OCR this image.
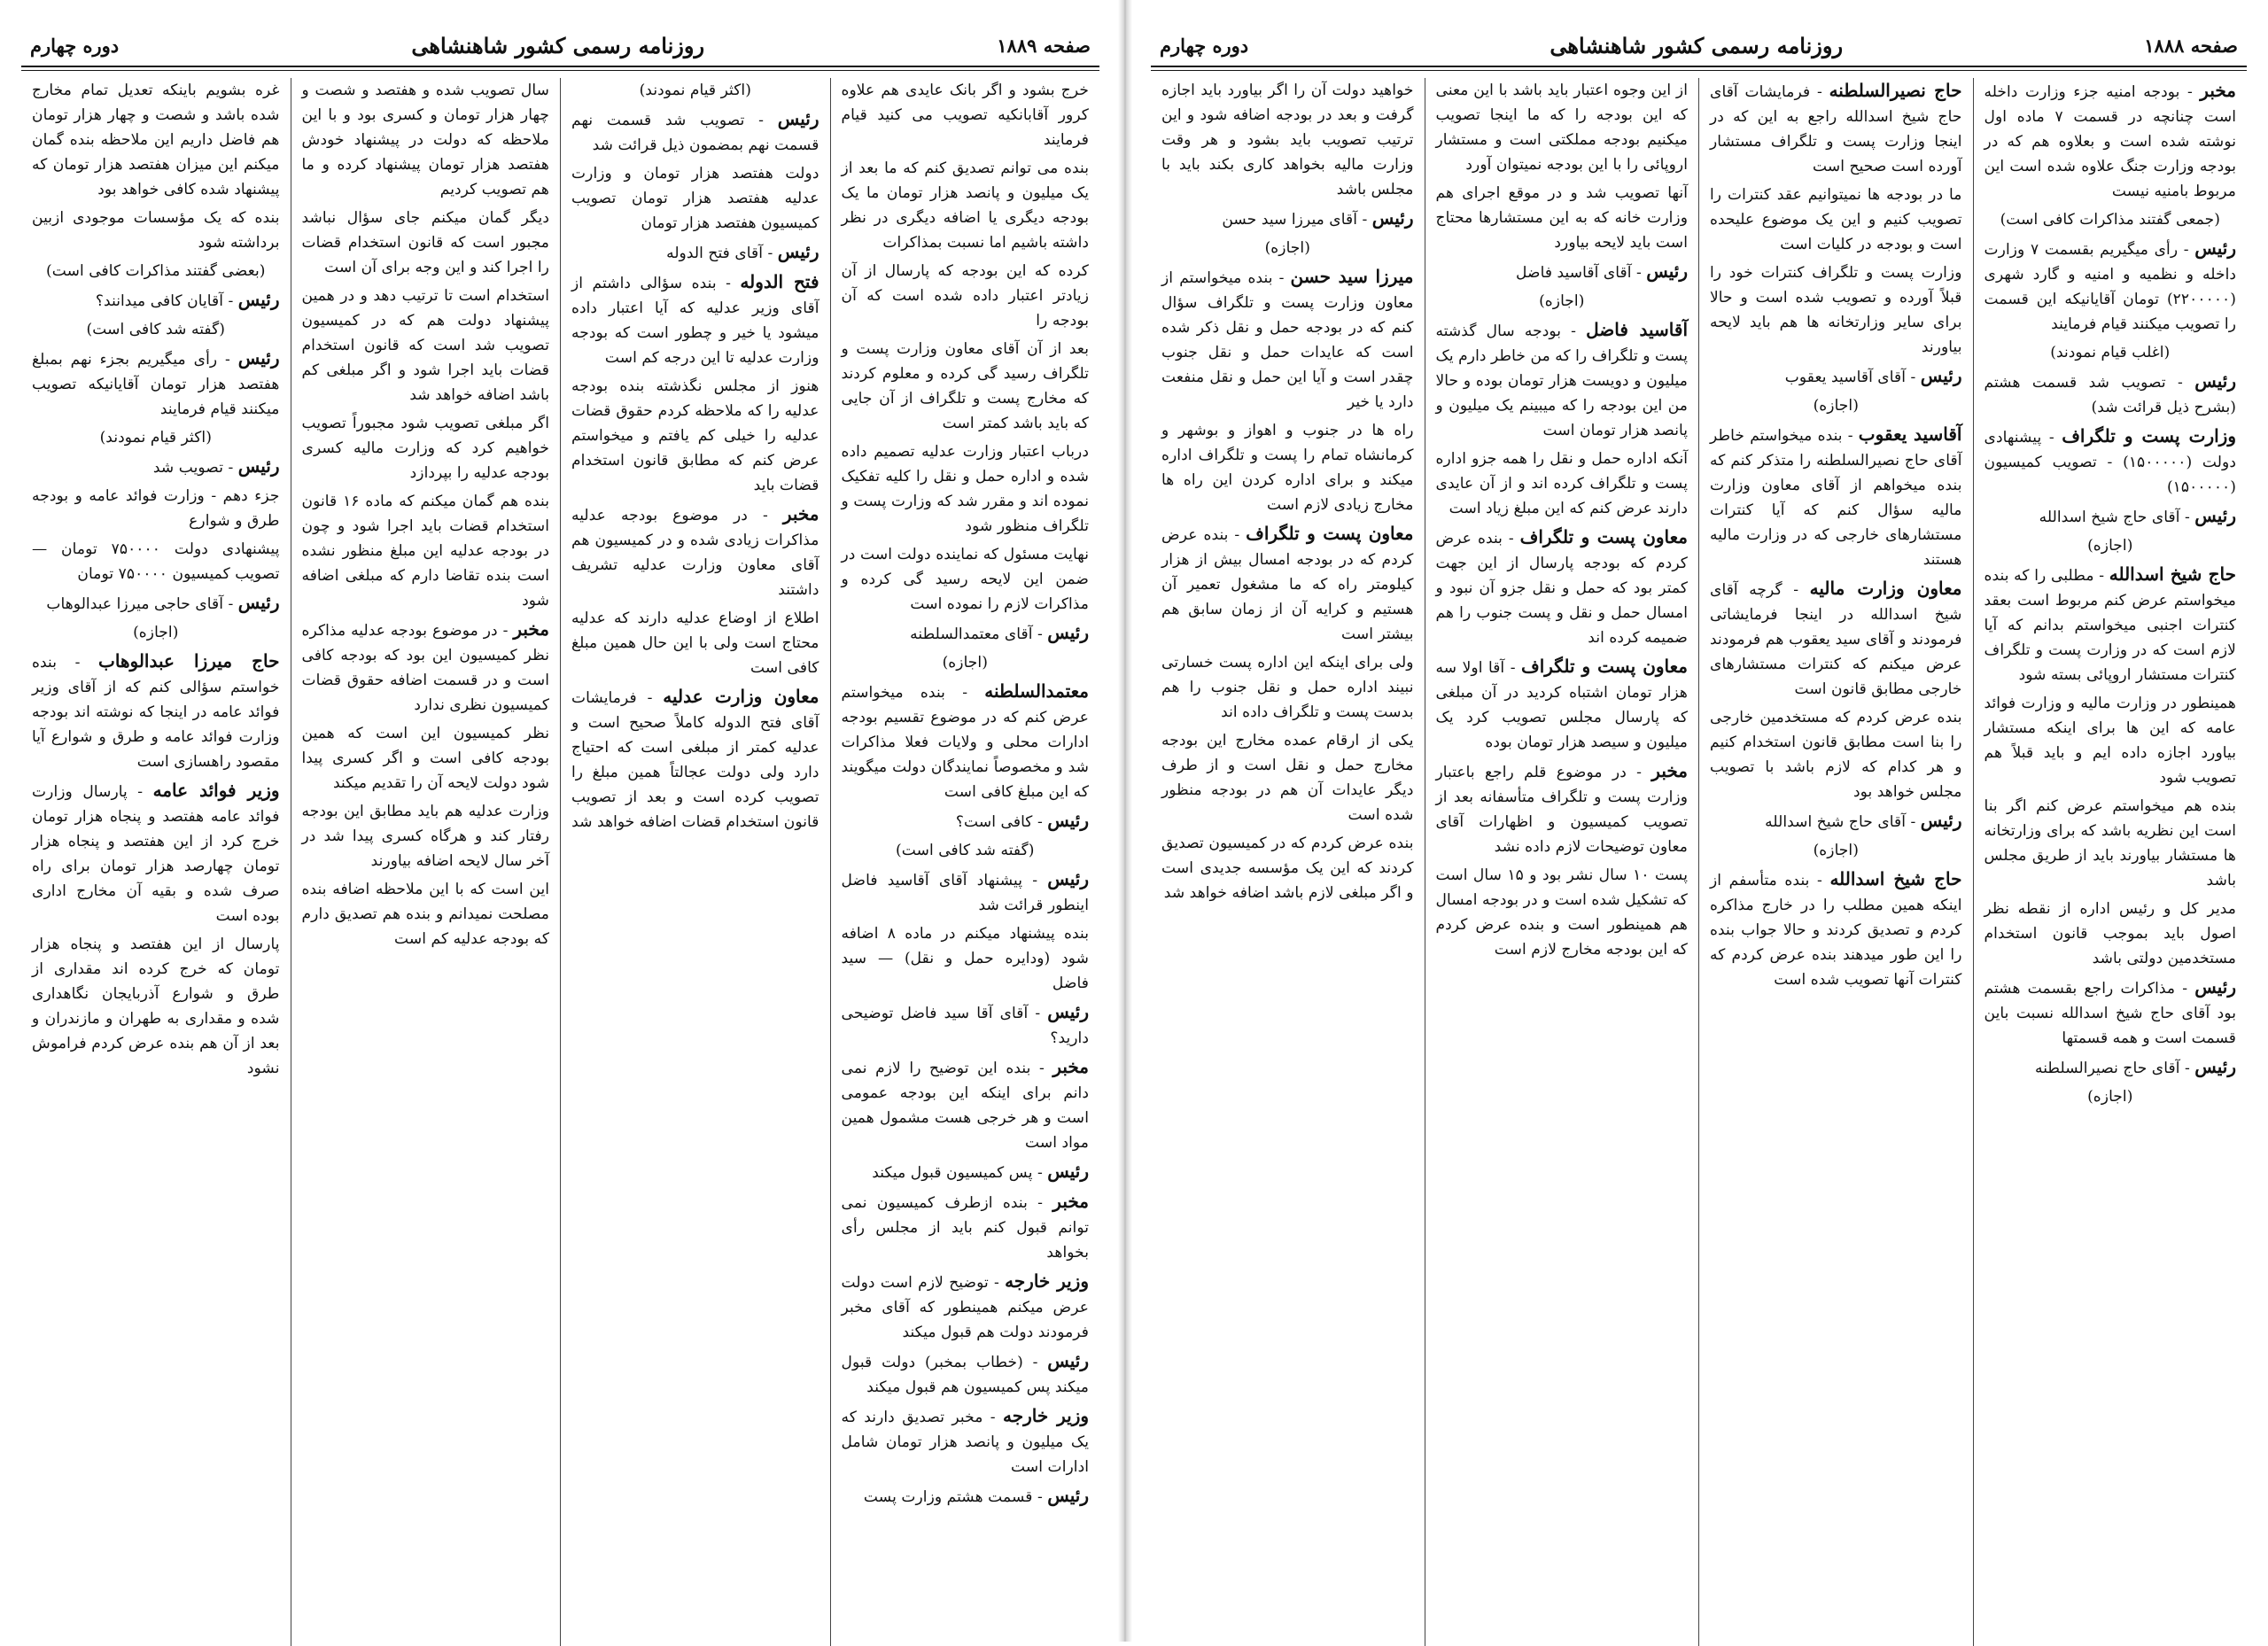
صفحه ۱۸۸۹
روزنامه رسمی کشور شاهنشاهی
دوره چهارم

خرج بشود و اگر بانک عایدی هم علاوه کرور آقابانکیه تصویب می کنید قیام فرمایند

بنده می توانم تصدیق کنم که ما بعد از یک میلیون و پانصد هزار تومان ما یک بودجه دیگری یا اضافه دیگری در نظر داشته باشیم اما نسبت بمذاکرات

کرده که این بودجه که پارسال از آن زیادتر اعتبار داده شده است که آن بودجه را

بعد از آن آقای معاون وزارت پست و تلگراف رسید گی کرده و معلوم کردند که مخارج پست و تلگراف از آن جایی که باید باشد کمتر است

درباب اعتبار وزارت عدلیه تصمیم داده شده و اداره حمل و نقل را کلیه تفکیک نموده اند و مقرر شد که وزارت پست و تلگراف منظور شود

نهایت مسئول که نماینده دولت است در ضمن این لایحه رسید گی کرده و مذاکرات لازم را نموده است

رئیس - آقای معتمدالسلطنه

(اجازه)

معتمدالسلطنه - بنده میخواستم عرض کنم که در موضوع تقسیم بودجه ادارات محلی و ولایات فعلا مذاکرات شد و مخصوصاً نمایندگان دولت میگویند که این مبلغ کافی است

رئیس - کافی است؟

(گفته شد کافی است)

رئیس - پیشنهاد آقای آقاسید فاضل اینطور قرائت شد

بنده پیشنهاد میکنم در ماده ۸ اضافه شود (ودایره حمل و نقل) — سید فاضل

رئیس - آقای آقا سید فاضل توضیحی دارید؟

مخبر - بنده این توضیح را لازم نمی دانم برای اینکه این بودجه عمومی است و هر خرجی هست مشمول همین مواد است

رئیس - پس کمیسیون قبول میکند

مخبر - بنده ازطرف کمیسیون نمی توانم قبول کنم باید از مجلس رأی بخواهد

وزیر خارجه - توضیح لازم است دولت عرض میکنم همینطور که آقای مخبر فرمودند دولت هم قبول میکند

رئیس - (خطاب بمخبر) دولت قبول میکند پس کمیسیون هم قبول میکند

وزیر خارجه - مخبر تصدیق دارند که یک میلیون و پانصد هزار تومان شامل ادارات است

رئیس - قسمت هشتم وزارت پست

(اکثر قیام نمودند)

رئیس - تصویب شد قسمت نهم قسمت نهم بمضمون ذیل قرائت شد

دولت هفتصد هزار تومان و وزارت عدلیه هفتصد هزار تومان تصویب کمیسیون هفتصد هزار تومان

رئیس - آقای فتح الدوله

فتح الدوله - بنده سؤالی داشتم از آقای وزیر عدلیه که آیا اعتبار داده میشود یا خیر و چطور است که بودجه وزارت عدلیه تا این درجه کم است

هنوز از مجلس نگذشته بنده بودجه عدلیه را که ملاحظه کردم حقوق قضات عدلیه را خیلی کم یافتم و میخواستم عرض کنم که مطابق قانون استخدام قضات باید

مخبر - در موضوع بودجه عدلیه مذاکرات زیادی شده و در کمیسیون هم آقای معاون وزارت عدلیه تشریف داشتند

اطلاع از اوضاع عدلیه دارند که عدلیه محتاج است ولی با این حال همین مبلغ کافی است

معاون وزارت عدلیه - فرمایشات آقای فتح الدوله کاملاً صحیح است و عدلیه کمتر از مبلغی است که احتیاج دارد ولی دولت عجالتاً همین مبلغ را تصویب کرده است و بعد از تصویب قانون استخدام قضات اضافه خواهد شد

سال تصویب شده و هفتصد و شصت و چهار هزار تومان و کسری بود و با این ملاحظه که دولت در پیشنهاد خودش هفتصد هزار تومان پیشنهاد کرده و ما هم تصویب کردیم

دیگر گمان میکنم جای سؤال نباشد مجبور است که قانون استخدام قضات را اجرا کند و این وجه برای آن است

استخدام است تا ترتیب دهد و در همین پیشنهاد دولت هم که در کمیسیون تصویب شد است که قانون استخدام قضات باید اجرا شود و اگر مبلغی کم باشد اضافه خواهد شد

اگر مبلغی تصویب شود مجبوراً تصویب خواهیم کرد که وزارت مالیه کسری بودجه عدلیه را بپردازد

بنده هم گمان میکنم که ماده ۱۶ قانون استخدام قضات باید اجرا شود و چون در بودجه عدلیه این مبلغ منظور نشده است بنده تقاضا دارم که مبلغی اضافه شود

مخبر - در موضوع بودجه عدلیه مذاکره نظر کمیسیون این بود که بودجه کافی است و در قسمت اضافه حقوق قضات کمیسیون نظری ندارد

نظر کمیسیون این است که همین بودجه کافی است و اگر کسری پیدا شود دولت لایحه آن را تقدیم میکند

وزارت عدلیه هم باید مطابق این بودجه رفتار کند و هرگاه کسری پیدا شد در آخر سال لایحه اضافه بیاورند

این است که با این ملاحظه اضافه بنده مصلحت نمیدانم و بنده هم تصدیق دارم که بودجه عدلیه کم است

غره بشویم باینکه تعدیل تمام مخارج شده باشد و شصت و چهار هزار تومان هم فاضل داریم این ملاحظه بنده گمان میکنم این میزان هفتصد هزار تومان که پیشنهاد شده کافی خواهد بود

بنده که یک مؤسسات موجودی ازبین برداشته شود

(بعضی گفتند مذاکرات کافی است)

رئیس - آقایان کافی میدانند؟

(گفته شد کافی است)

رئیس - رأی میگیریم بجزء نهم بمبلغ هفتصد هزار تومان آقایانیکه تصویب میکنند قیام فرمایند

(اکثر قیام نمودند)

رئیس - تصویب شد

جزء دهم - وزارت فوائد عامه و بودجه طرق و شوارع

پیشنهادی دولت ۷۵۰۰۰۰ تومان — تصویب کمیسیون ۷۵۰۰۰۰ تومان

رئیس - آقای حاجی میرزا عبدالوهاب

(اجازه)

حاج میرزا عبدالوهاب - بنده خواستم سؤالی کنم که از آقای وزیر فوائد عامه در اینجا که نوشته اند بودجه وزارت فوائد عامه و طرق و شوارع آیا مقصود راهسازی است

وزیر فوائد عامه - پارسال وزارت فوائد عامه هفتصد و پنجاه هزار تومان خرج کرد از این هفتصد و پنجاه هزار تومان چهارصد هزار تومان برای راه صرف شده و بقیه آن مخارج اداری بوده است

پارسال از این هفتصد و پنجاه هزار تومان که خرج کرده اند مقداری از طرق و شوارع آذربایجان نگاهداری شده و مقداری به طهران و مازندران و بعد از آن هم بنده عرض کردم فراموش نشود

صفحه ۱۸۸۸
روزنامه رسمی کشور شاهنشاهی
دوره چهارم

مخبر - بودجه امنیه جزء وزارت داخله است چنانچه در قسمت ۷ ماده اول نوشته شده است و بعلاوه هم که در بودجه وزارت جنگ علاوه شده است این مربوط بامنیه نیست

(جمعی گفتند مذاکرات کافی است)

رئیس - رأی میگیریم بقسمت ۷ وزارت داخله و نظمیه و امنیه و گارد شهری (۲۲۰۰۰۰۰) تومان آقایانیکه این قسمت را تصویب میکنند قیام فرمایند

(اغلب قیام نمودند)

رئیس - تصویب شد قسمت هشتم (بشرح ذیل قرائت شد)

وزارت پست و تلگراف - پیشنهادی دولت (۱۵۰۰۰۰۰) - تصویب کمیسیون (۱۵۰۰۰۰۰)

رئیس - آقای حاج شیخ اسدالله

(اجازه)

حاج شیخ اسدالله - مطلبی را که بنده میخواستم عرض کنم مربوط است بعقد کنترات اجنبی میخواستم بدانم که آیا لازم است که در وزارت پست و تلگراف کنترات مستشار اروپائی بسته شود

همینطور در وزارت مالیه و وزارت فوائد عامه که این ها برای اینکه مستشار بیاورد اجازه داده ایم و باید قبلاً هم تصویب شود

بنده هم میخواستم عرض کنم اگر بنا است این نظریه باشد که برای وزارتخانه ها مستشار بیاورند باید از طریق مجلس باشد

مدیر کل و رئیس اداره از نقطه نظر اصول باید بموجب قانون استخدام مستخدمین دولتی باشد

رئیس - مذاکرات راجع بقسمت هشتم بود آقای حاج شیخ اسدالله نسبت باین قسمت است و همه قسمتها

رئیس - آقای حاج نصیرالسلطنه

(اجازه)

حاج نصیرالسلطنه - فرمایشات آقای حاج شیخ اسدالله راجع به این که در اینجا وزارت پست و تلگراف مستشار آورده است صحیح است

ما در بودجه ها نمیتوانیم عقد کنترات را تصویب کنیم و این یک موضوع علیحده است و بودجه در کلیات است

وزارت پست و تلگراف کنترات خود را قبلاً آورده و تصویب شده است و حالا برای سایر وزارتخانه ها هم باید لایحه بیاورند

رئیس - آقای آقاسید یعقوب

(اجازه)

آقاسید یعقوب - بنده میخواستم خاطر آقای حاج نصیرالسلطنه را متذکر کنم که بنده میخواهم از آقای معاون وزارت مالیه سؤال کنم که آیا کنترات مستشارهای خارجی که در وزارت مالیه هستند

معاون وزارت مالیه - گرچه آقای شیخ اسدالله در اینجا فرمایشاتی فرمودند و آقای سید یعقوب هم فرمودند عرض میکنم که کنترات مستشارهای خارجی مطابق قانون است

بنده عرض کردم که مستخدمین خارجی را بنا است مطابق قانون استخدام کنیم و هر کدام که لازم باشد با تصویب مجلس خواهد بود

رئیس - آقای حاج شیخ اسدالله

(اجازه)

حاج شیخ اسدالله - بنده متأسفم از اینکه همین مطلب را در خارج مذاکره کردم و تصدیق کردند و حالا جواب بنده را این طور میدهند بنده عرض کردم که کنترات آنها تصویب شده است

از این وجوه اعتبار باید باشد با این معنی که این بودجه را که ما اینجا تصویب میکنیم بودجه مملکتی است و مستشار اروپائی را با این بودجه نمیتوان آورد

آنها تصویب شد و در موقع اجرای هم وزارت خانه که به این مستشارها محتاج است باید لایحه بیاورد

رئیس - آقای آقاسید فاضل

(اجازه)

آقاسید فاضل - بودجه سال گذشته پست و تلگراف را که من خاطر دارم یک میلیون و دویست هزار تومان بوده و حالا من این بودجه را که میبینم یک میلیون و پانصد هزار تومان است

آنکه اداره حمل و نقل را همه جزو اداره پست و تلگراف کرده اند و از آن عایدی دارند عرض کنم که این مبلغ زیاد است

معاون پست و تلگراف - بنده عرض کردم که بودجه پارسال از این جهت کمتر بود که حمل و نقل جزو آن نبود و امسال حمل و نقل و پست جنوب را هم ضمیمه کرده اند

معاون پست و تلگراف - آقا اولا سه هزار تومان اشتباه کردید در آن مبلغی که پارسال مجلس تصویب کرد یک میلیون و سیصد هزار تومان بوده

مخبر - در موضوع قلم راجع باعتبار وزارت پست و تلگراف متأسفانه بعد از تصویب کمیسیون و اظهارات آقای معاون توضیحات لازم داده نشد

پست ۱۰ سال نشر بود و ۱۵ سال است که تشکیل شده است و در بودجه امسال هم همینطور است و بنده عرض کردم که این بودجه مخارج لازم است

خواهید دولت آن را اگر بیاورد باید اجازه گرفت و بعد در بودجه اضافه شود و این ترتیب تصویب باید بشود و هر وقت وزارت مالیه بخواهد کاری بکند باید با مجلس باشد

رئیس - آقای میرزا سید حسن

(اجازه)

میرزا سید حسن - بنده میخواستم از معاون وزارت پست و تلگراف سؤال کنم که در بودجه حمل و نقل ذکر شده است که عایدات حمل و نقل جنوب چقدر است و آیا این حمل و نقل منفعت دارد یا خیر

راه ها در جنوب و اهواز و بوشهر و کرمانشاه تمام را پست و تلگراف اداره میکند و برای اداره کردن این راه ها مخارج زیادی لازم است

معاون پست و تلگراف - بنده عرض کردم که در بودجه امسال بیش از هزار کیلومتر راه که ما مشغول تعمیر آن هستیم و کرایه آن از زمان سابق هم بیشتر است

ولی برای اینکه این اداره پست خسارتی نبیند اداره حمل و نقل جنوب را هم بدست پست و تلگراف داده اند

یکی از ارقام عمده مخارج این بودجه مخارج حمل و نقل است و از طرف دیگر عایدات آن هم در بودجه منظور شده است

بنده عرض کردم که در کمیسیون تصدیق کردند که این یک مؤسسه جدیدی است و اگر مبلغی لازم باشد اضافه خواهد شد
